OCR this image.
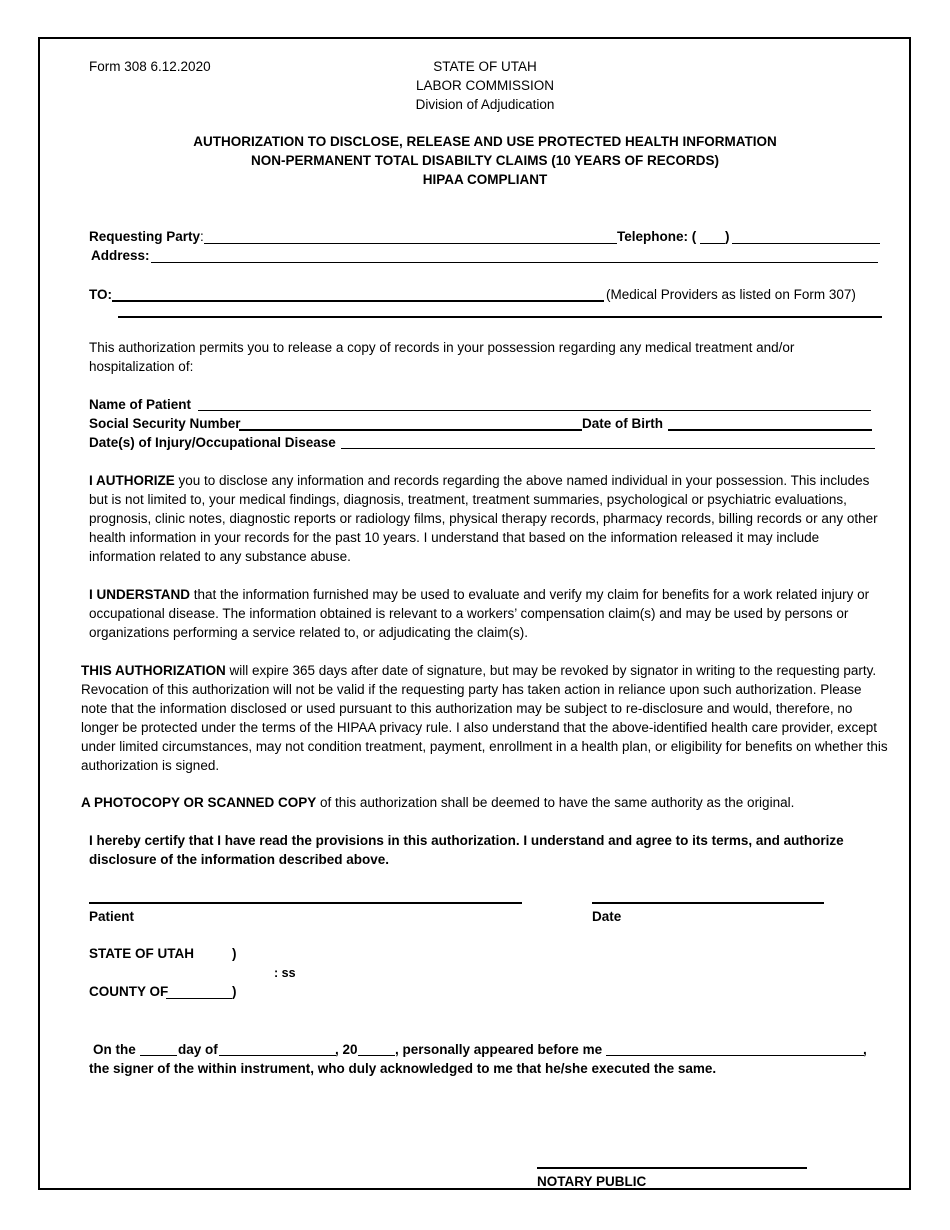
Form 308 6.12.2020	STATE OF UTAH
LABOR COMMISSION
Division of Adjudication
AUTHORIZATION TO DISCLOSE, RELEASE AND USE PROTECTED HEALTH INFORMATION
NON-PERMANENT TOTAL DISABILTY CLAIMS (10 YEARS OF RECORDS)
HIPAA COMPLIANT
Requesting Party :	Telephone: ( )
Address:
TO:	(Medical Providers as listed on Form 307)
This authorization permits you to release a copy of records in your possession regarding any medical treatment and/or hospitalization of:
Name of Patient
Social Security Number	Date of Birth
Date(s) of Injury/Occupational Disease
I AUTHORIZE you to disclose any information and records regarding the above named individual in your possession. This includes but is not limited to, your medical findings, diagnosis, treatment, treatment summaries, psychological or psychiatric evaluations, prognosis, clinic notes, diagnostic reports or radiology films, physical therapy records, pharmacy records, billing records or any other health information in your records for the past 10 years. I understand that based on the information released it may include information related to any substance abuse.
I UNDERSTAND that the information furnished may be used to evaluate and verify my claim for benefits for a work related injury or occupational disease. The information obtained is relevant to a workers’ compensation claim(s) and may be used by persons or organizations performing a service related to, or adjudicating the claim(s).
THIS AUTHORIZATION will expire 365 days after date of signature, but may be revoked by signator in writing to the requesting party. Revocation of this authorization will not be valid if the requesting party has taken action in reliance upon such authorization. Please note that the information disclosed or used pursuant to this authorization may be subject to re-disclosure and would, therefore, no longer be protected under the terms of the HIPAA privacy rule. I also understand that the above-identified health care provider, except under limited circumstances, may not condition treatment, payment, enrollment in a health plan, or eligibility for benefits on whether this authorization is signed.
A PHOTOCOPY OR SCANNED COPY of this authorization shall be deemed to have the same authority as the original.
I hereby certify that I have read the provisions in this authorization. I understand and agree to its terms, and authorize disclosure of the information described above.
Patient	Date
STATE OF UTAH	)
: ss
COUNTY OF	)
On the	day of	, 20	, personally appeared before me	,
the signer of the within instrument, who duly acknowledged to me that he/she executed the same.
NOTARY PUBLIC
